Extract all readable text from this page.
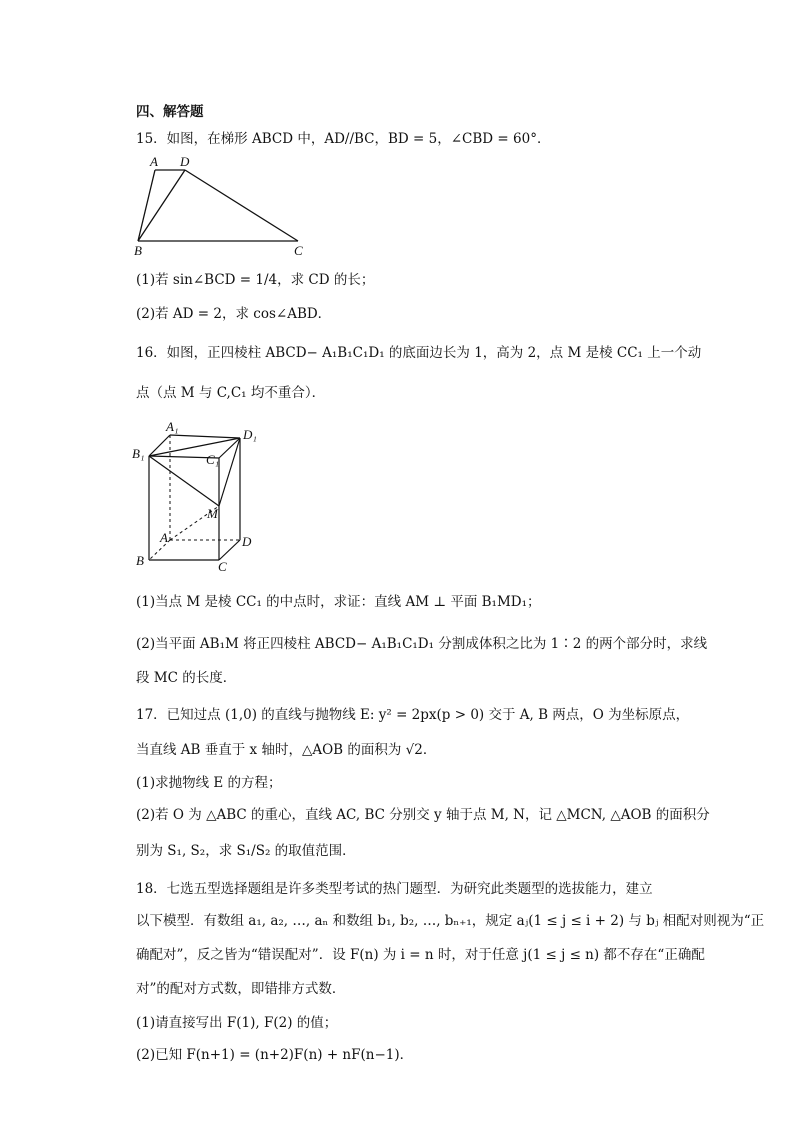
四、解答题
15．如图，在梯形 ABCD 中，AD//BC，BD = 5，∠CBD = 60°．
A D
B	C
(1)若 sin∠BCD = 1/4，求 CD 的长；
(2)若 AD = 2，求 cos∠ABD．
16．如图，正四棱柱 ABCD− A₁B₁C₁D₁ 的底面边长为 1，高为 2，点 M 是棱 CC₁ 上一个动
点（点 M 与 C,C₁ 均不重合）．
A₁
D₁
B₁	C₁
M
A	D
B	C
(1)当点 M 是棱 CC₁ 的中点时，求证：直线 AM ⊥ 平面 B₁MD₁；
(2)当平面 AB₁M 将正四棱柱 ABCD− A₁B₁C₁D₁ 分割成体积之比为 1∶2 的两个部分时，求线
段 MC 的长度．
17．已知过点 (1,0) 的直线与抛物线 E: y² = 2px(p > 0) 交于 A, B 两点，O 为坐标原点，
当直线 AB 垂直于 x 轴时，△AOB 的面积为 √2．
(1)求抛物线 E 的方程；
(2)若 O 为 △ABC 的重心，直线 AC, BC 分别交 y 轴于点 M, N，记 △MCN, △AOB 的面积分
别为 S₁, S₂，求 S₁/S₂ 的取值范围．
18．七选五型选择题组是许多类型考试的热门题型．为研究此类题型的选拔能力，建立
以下模型．有数组 a₁, a₂, …, aₙ 和数组 b₁, b₂, …, bₙ₊₁，规定 aⱼ(1 ≤ j ≤ i + 2) 与 bⱼ 相配对则视为“正
确配对”，反之皆为“错误配对”．设 F(n) 为 i = n 时，对于任意 j(1 ≤ j ≤ n) 都不存在“正确配
对”的配对方式数，即错排方式数．
(1)请直接写出 F(1), F(2) 的值；
(2)已知 F(n+1) = (n+2)F(n) + nF(n−1)．
